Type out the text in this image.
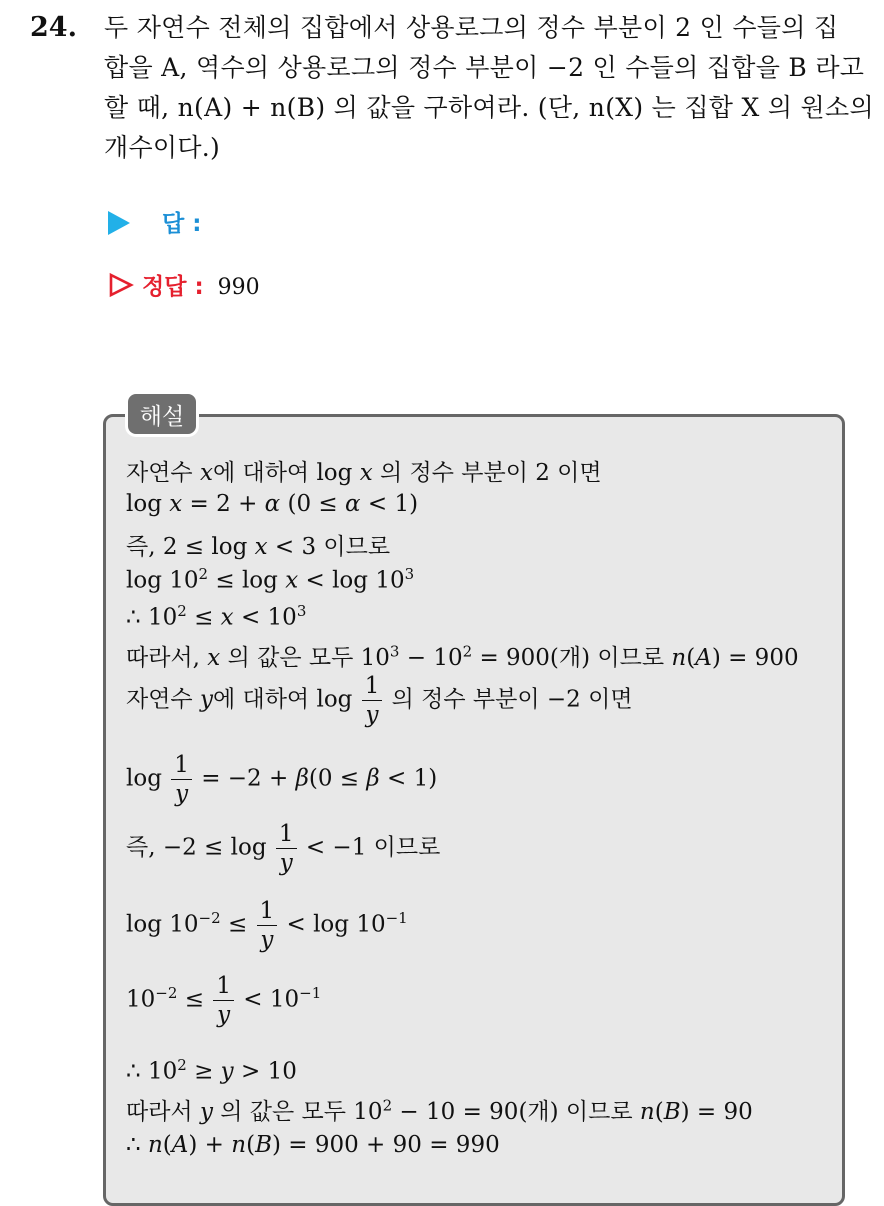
24. 두 자연수 전체의 집합에서 상용로그의 정수 부분이 2 인 수들의 집
합을 A, 역수의 상용로그의 정수 부분이 −2 인 수들의 집합을 B 라고
할 때, n(A) + n(B) 의 값을 구하여라. (단, n(X) 는 집합 X 의 원소의
개수이다.)
답 :
정답 : 990
해설
자연수 x에 대하여 log x 의 정수 부분이 2 이면
log x = 2 + α (0 ≤ α < 1)
즉, 2 ≤ log x < 3 이므로
$\log 10^2 \le \log x < \log 10^3$
∴ $10^2 \le x < 10^3$
따라서, x 의 값은 모두 $10^3 - 10^2 = 900$(개) 이므로 n(A) = 900
자연수 y에 대하여 $\log \frac{1}{y}$ 의 정수 부분이 −2 이면
$\log \frac{1}{y} = -2 + \beta(0 \le \beta < 1)$
즉, $-2 \le \log \frac{1}{y} < -1$ 이므로
$\log 10^{-2} \le \frac{1}{y} < \log 10^{-1}$
$10^{-2} \le \frac{1}{y} < 10^{-1}$
∴ $10^2 \ge y > 10$
따라서 y 의 값은 모두 $10^2 - 10 = 90$(개) 이므로 n(B) = 90
∴ n(A) + n(B) = 900 + 90 = 990
